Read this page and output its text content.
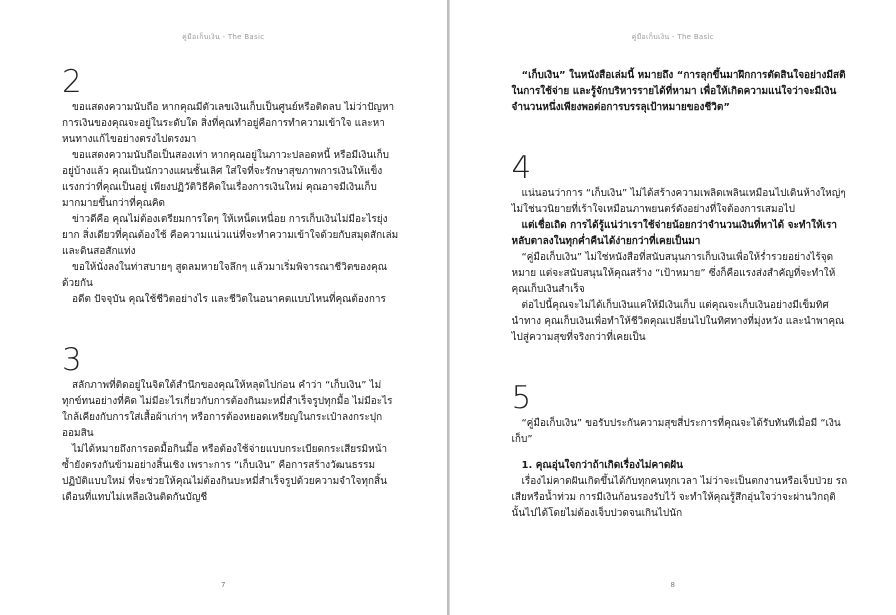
คู่มือเก็บเงิน - The Basic
2

ขอแสดงความนับถือ หากคุณมีตัวเลขเงินเก็บเป็นศูนย์หรือติดลบ ไม่ว่าปัญหาการเงินของคุณจะอยู่ในระดับใด สิ่งที่คุณทำอยู่คือการทำความเข้าใจ และหาหนทางแก้ไขอย่างตรงไปตรงมา

ขอแสดงความนับถือเป็นสองเท่า หากคุณอยู่ในภาวะปลอดหนี้ หรือมีเงินเก็บอยู่บ้างแล้ว คุณเป็นนักวางแผนชั้นเลิศ ใส่ใจที่จะรักษาสุขภาพการเงินให้แข็งแรงกว่าที่คุณเป็นอยู่ เพียงปฏิวัติวิธีคิดในเรื่องการเงินใหม่ คุณอาจมีเงินเก็บมากมายขึ้นกว่าที่คุณคิด

ข่าวดีคือ คุณไม่ต้องเตรียมการใดๆ ให้เหน็ดเหนื่อย การเก็บเงินไม่มีอะไรยุ่งยาก สิ่งเดียวที่คุณต้องใช้ คือความแน่วแน่ที่จะทำความเข้าใจด้วยกับสมุดสักเล่มและดินสอสักแท่ง

ขอให้นั่งลงในท่าสบายๆ สูดลมหายใจลึกๆ แล้วมาเริ่มพิจารณาชีวิตของคุณด้วยกัน

อดีต ปัจจุบัน คุณใช้ชีวิตอย่างไร และชีวิตในอนาคตแบบไหนที่คุณต้องการ

3

สลักภาพที่ติดอยู่ในจิตใต้สำนึกของคุณให้หลุดไปก่อน คำว่า “เก็บเงิน” ไม่ทุกข์ทนอย่างที่คิด ไม่มีอะไรเกี่ยวกับการต้องกินมะหมี่สำเร็จรูปทุกมื้อ ไม่มีอะไรใกล้เคียงกับการใส่เสื้อผ้าเก่าๆ หรือการต้องหยอดเหรียญในกระเป๋าลงกระปุกออมสิน

ไม่ได้หมายถึงการอดมื้อกินมื้อ หรือต้องใช้จ่ายแบบกระเบียดกระเสียรมิหน้าซ้ำยังตรงกันข้ามอย่างสิ้นเชิง เพราะการ “เก็บเงิน” คือการสร้างวัฒนธรรมปฏิบัติแบบใหม่ ที่จะช่วยให้คุณไม่ต้องกินบะหมี่สำเร็จรูปด้วยความจำใจทุกสิ้นเดือนที่แทบไม่เหลือเงินติดกันบัญชี

7
คู่มือเก็บเงิน - The Basic

“เก็บเงิน” ในหนังสือเล่มนี้ หมายถึง “การลุกขึ้นมาฝึกการตัดสินใจอย่างมีสติในการใช้จ่าย และรู้จักบริหารรายได้ที่หามา เพื่อให้เกิดความแน่ใจว่าจะมีเงินจำนวนหนึ่งเพียงพอต่อการบรรลุเป้าหมายของชีวิต”

4

แน่นอนว่าการ “เก็บเงิน” ไม่ได้สร้างความเพลิดเพลินเหมือนไปเดินห้างใหญ่ๆ ไม่ใช่นวนิยายที่เร้าใจเหมือนภาพยนตร์ดังอย่างที่ใจต้องการเสมอไป

แต่เชื่อเถิด การได้รู้แน่ว่าเราใช้จ่ายน้อยกว่าจำนวนเงินที่หาได้ จะทำให้เราหลับตาลงในทุกค่ำคืนได้ง่ายกว่าที่เคยเป็นมา

“คู่มือเก็บเงิน” ไม่ใช่หนังสือที่สนับสนุนการเก็บเงินเพื่อให้ร่ำรวยอย่างไร้จุดหมาย แต่จะสนับสนุนให้คุณสร้าง “เป้าหมาย” ซึ่งก็คือแรงส่งสำคัญที่จะทำให้คุณเก็บเงินสำเร็จ

ต่อไปนี้คุณจะไม่ได้เก็บเงินแค่ให้มีเงินเก็บ แต่คุณจะเก็บเงินอย่างมีเข็มทิศนำทาง คุณเก็บเงินเพื่อทำให้ชีวิตคุณเปลี่ยนไปในทิศทางที่มุ่งหวัง และนำพาคุณไปสู่ความสุขที่จริงกว่าที่เคยเป็น

5

“คู่มือเก็บเงิน” ขอรับประกันความสุขสี่ประการที่คุณจะได้รับทันทีเมื่อมี “เงินเก็บ”

1. คุณอุ่นใจกว่าถ้าเกิดเรื่องไม่คาดฝัน

เรื่องไม่คาดฝันเกิดขึ้นได้กับทุกคนทุกเวลา ไม่ว่าจะเป็นตกงานหรือเจ็บป่วย รถเสียหรือน้ำท่วม การมีเงินก้อนรองรับไว้ จะทำให้คุณรู้สึกอุ่นใจว่าจะผ่านวิกฤตินั้นไปได้โดยไม่ต้องเจ็บปวดจนเกินไปนัก

8
